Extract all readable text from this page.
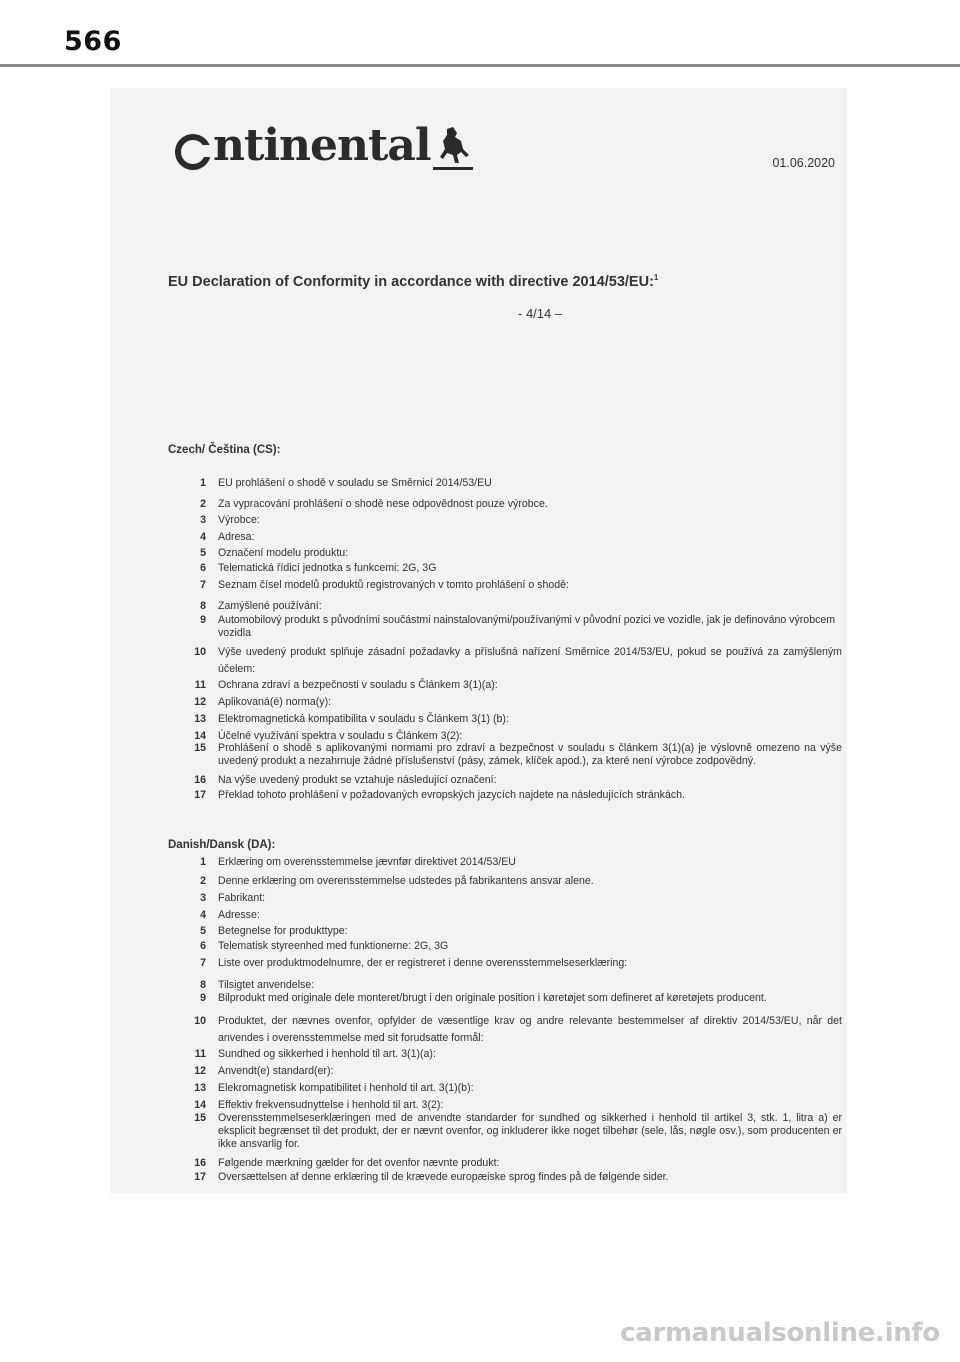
566
ntinental	01.06.2020
EU Declaration of Conformity in accordance with directive 2014/53/EU:$^1$
- 4/14 –
Czech/ Čeština (CS):
1 EU prohlášení o shodě v souladu se Směrnicí 2014/53/EU
2 Za vypracování prohlášení o shodě nese odpovědnost pouze výrobce.
3 Výrobce:
4 Adresa:
5 Označení modelu produktu:
6 Telematická řídicí jednotka s funkcemi: 2G, 3G
7 Seznam čísel modelů produktů registrovaných v tomto prohlášení o shodě:
8 Zamýšlené používání:
9 Automobilový produkt s původními součástmi nainstalovanými/používanými v původní pozici ve vozidle, jak je definováno výrobcem vozidla
10 Výše uvedený produkt splňuje zásadní požadavky a příslušná nařízení Směrnice 2014/53/EU, pokud se používá za zamýšleným účelem:
11 Ochrana zdraví a bezpečnosti v souladu s Článkem 3(1)(a):
12 Aplikovaná(é) norma(y):
13 Elektromagnetická kompatibilita v souladu s Článkem 3(1) (b):
14 Účelné využívání spektra v souladu s Článkem 3(2):
15 Prohlášení o shodě s aplikovanými normami pro zdraví a bezpečnost v souladu s článkem 3(1)(a) je výslovně omezeno na výše uvedený produkt a nezahrnuje žádné příslušenství (pásy, zámek, klíček apod.), za které není výrobce zodpovědný.
16 Na výše uvedený produkt se vztahuje následující označení:
17 Překlad tohoto prohlášení v požadovaných evropských jazycích najdete na následujících stránkách.
Danish/Dansk (DA):
1 Erklæring om overensstemmelse jævnfør direktivet 2014/53/EU
2 Denne erklæring om overensstemmelse udstedes på fabrikantens ansvar alene.
3 Fabrikant:
4 Adresse:
5 Betegnelse for produkttype:
6 Telematisk styreenhed med funktionerne: 2G, 3G
7 Liste over produktmodelnumre, der er registreret i denne overensstemmelseserklæring:
8 Tilsigtet anvendelse:
9 Bilprodukt med originale dele monteret/brugt i den originale position i køretøjet som defineret af køretøjets producent.
10 Produktet, der nævnes ovenfor, opfylder de væsentlige krav og andre relevante bestemmelser af direktiv 2014/53/EU, når det anvendes i overensstemmelse med sit forudsatte formål:
11 Sundhed og sikkerhed i henhold til art. 3(1)(a):
12 Anvendt(e) standard(er):
13 Elekromagnetisk kompatibilitet i henhold til art. 3(1)(b):
14 Effektiv frekvensudnyttelse i henhold til art. 3(2):
15 Overensstemmelseserklæringen med de anvendte standarder for sundhed og sikkerhed i henhold til artikel 3, stk. 1, litra a) er eksplicit begrænset til det produkt, der er nævnt ovenfor, og inkluderer ikke noget tilbehør (sele, lås, nøgle osv.), som producenten er ikke ansvarlig for.
16 Følgende mærkning gælder for det ovenfor nævnte produkt:
17 Oversættelsen af denne erklæring til de krævede europæiske sprog findes på de følgende sider.
carmanualsonline.info
